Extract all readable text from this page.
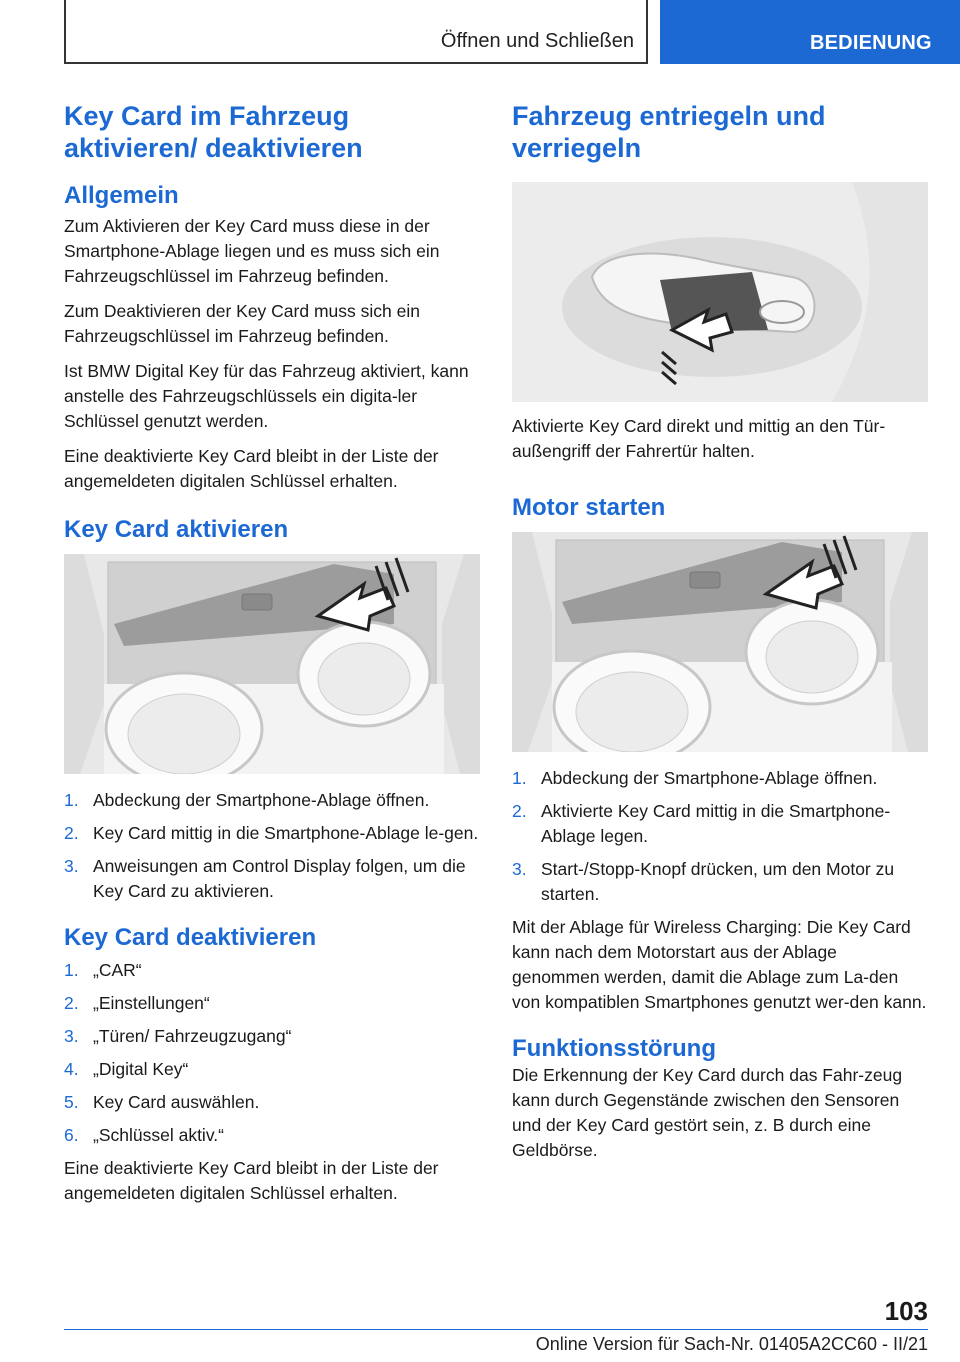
Öffnen und Schließen	BEDIENUNG
Key Card im Fahrzeug aktivieren/ deaktivieren
Allgemein

Zum Aktivieren der Key Card muss diese in der Smartphone-Ablage liegen und es muss sich ein Fahrzeugschlüssel im Fahrzeug befinden.

Zum Deaktivieren der Key Card muss sich ein Fahrzeugschlüssel im Fahrzeug befinden.

Ist BMW Digital Key für das Fahrzeug aktiviert, kann anstelle des Fahrzeugschlüssels ein digita-ler Schlüssel genutzt werden.

Eine deaktivierte Key Card bleibt in der Liste der angemeldeten digitalen Schlüssel erhalten.

Key Card aktivieren
1. Abdeckung der Smartphone-Ablage öffnen.
2. Key Card mittig in die Smartphone-Ablage le-gen.
3. Anweisungen am Control Display folgen, um die Key Card zu aktivieren.
Key Card deaktivieren
1. „CAR“
2. „Einstellungen“
3. „Türen/ Fahrzeugzugang“
4. „Digital Key“
5. Key Card auswählen.
6. „Schlüssel aktiv.“

Eine deaktivierte Key Card bleibt in der Liste der angemeldeten digitalen Schlüssel erhalten.

Fahrzeug entriegeln und verriegeln

Aktivierte Key Card direkt und mittig an den Tür-außengriff der Fahrertür halten.

Motor starten
1. Abdeckung der Smartphone-Ablage öffnen.
2. Aktivierte Key Card mittig in die Smartphone-Ablage legen.
3. Start-/Stopp-Knopf drücken, um den Motor zu starten.

Mit der Ablage für Wireless Charging: Die Key Card kann nach dem Motorstart aus der Ablage genommen werden, damit die Ablage zum La-den von kompatiblen Smartphones genutzt wer-den kann.

Funktionsstörung

Die Erkennung der Key Card durch das Fahr-zeug kann durch Gegenstände zwischen den Sensoren und der Key Card gestört sein, z. B durch eine Geldbörse.

103
Online Version für Sach-Nr. 01405A2CC60 - II/21
